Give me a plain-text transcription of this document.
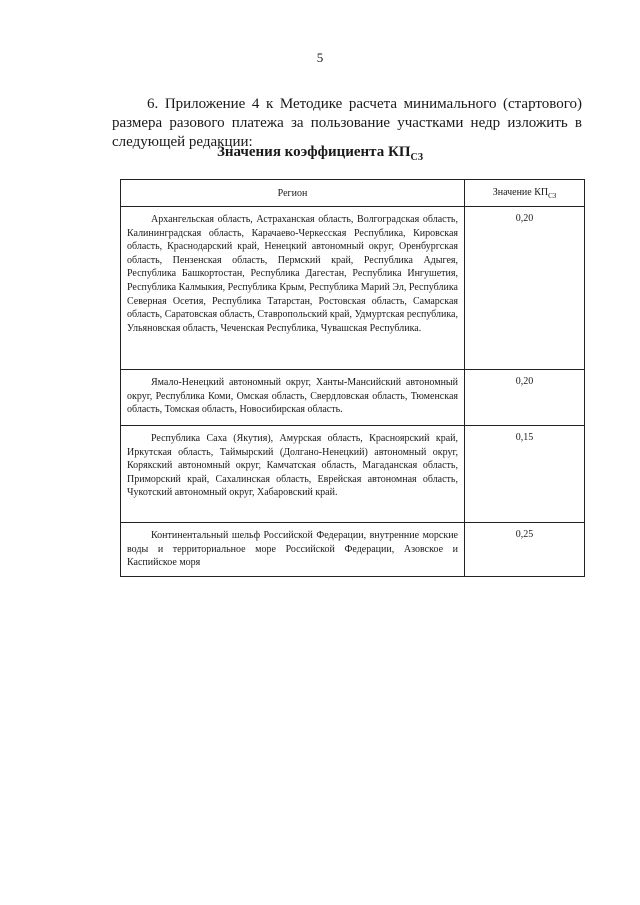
5

6. Приложение 4 к Методике расчета минимального (стартового) размера разового платежа за пользование участками недр изложить в следующей редакции:

Значения коэффициента $КП_{СЗ}$
Регион	Значение $КП_{СЗ}$
Архангельская область, Астраханская область, Волгоградская область, Калининградская область, Карачаево-Черкесская Республика, Кировская область, Краснодарский край, Ненецкий автономный округ, Оренбургская область, Пензенская область, Пермский край, Республика Адыгея, Республика Башкортостан, Республика Дагестан, Республика Ингушетия, Республика Калмыкия, Республика Крым, Республика Марий Эл, Республика Северная Осетия, Республика Татарстан, Ростовская область, Самарская область, Саратовская область, Ставропольский край, Удмуртская республика, Ульяновская область, Чеченская Республика, Чувашская Республика.	0,20
Ямало-Ненецкий автономный округ, Ханты-Мансийский автономный округ, Республика Коми, Омская область, Свердловская область, Тюменская область, Томская область, Новосибирская область.	0,20
Республика Саха (Якутия), Амурская область, Красноярский край, Иркутская область, Таймырский (Долгано-Ненецкий) автономный округ, Корякский автономный округ, Камчатская область, Магаданская область, Приморский край, Сахалинская область, Еврейская автономная область, Чукотский автономный округ, Хабаровский край.	0,15
Континентальный шельф Российской Федерации, внутренние морские воды и территориальное море Российской Федерации, Азовское и Каспийское моря	0,25
